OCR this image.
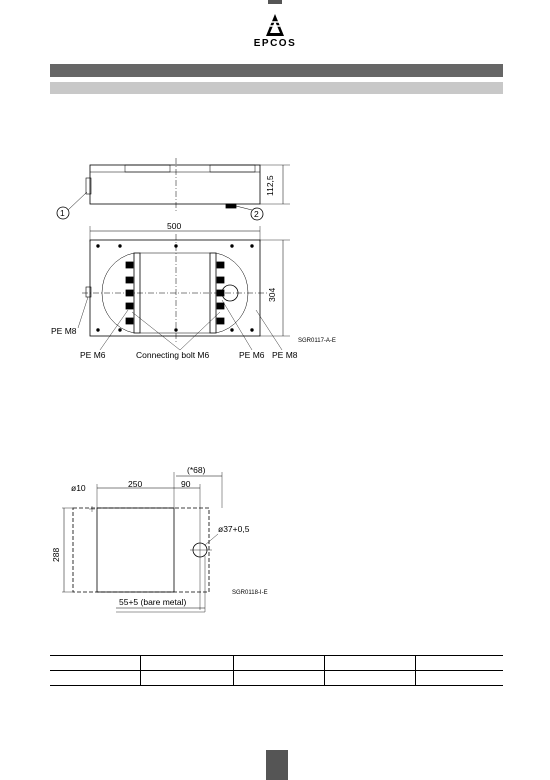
EPCOS
1	2
112,5
500
304
PE M8
PE M6	Connecting bolt M6	PE M6 PE M8
SGR0117-A-E
(*68)
ø10	250	90
ø37+0,5
288
55+5 (bare metal)
SGR0118-I-E
